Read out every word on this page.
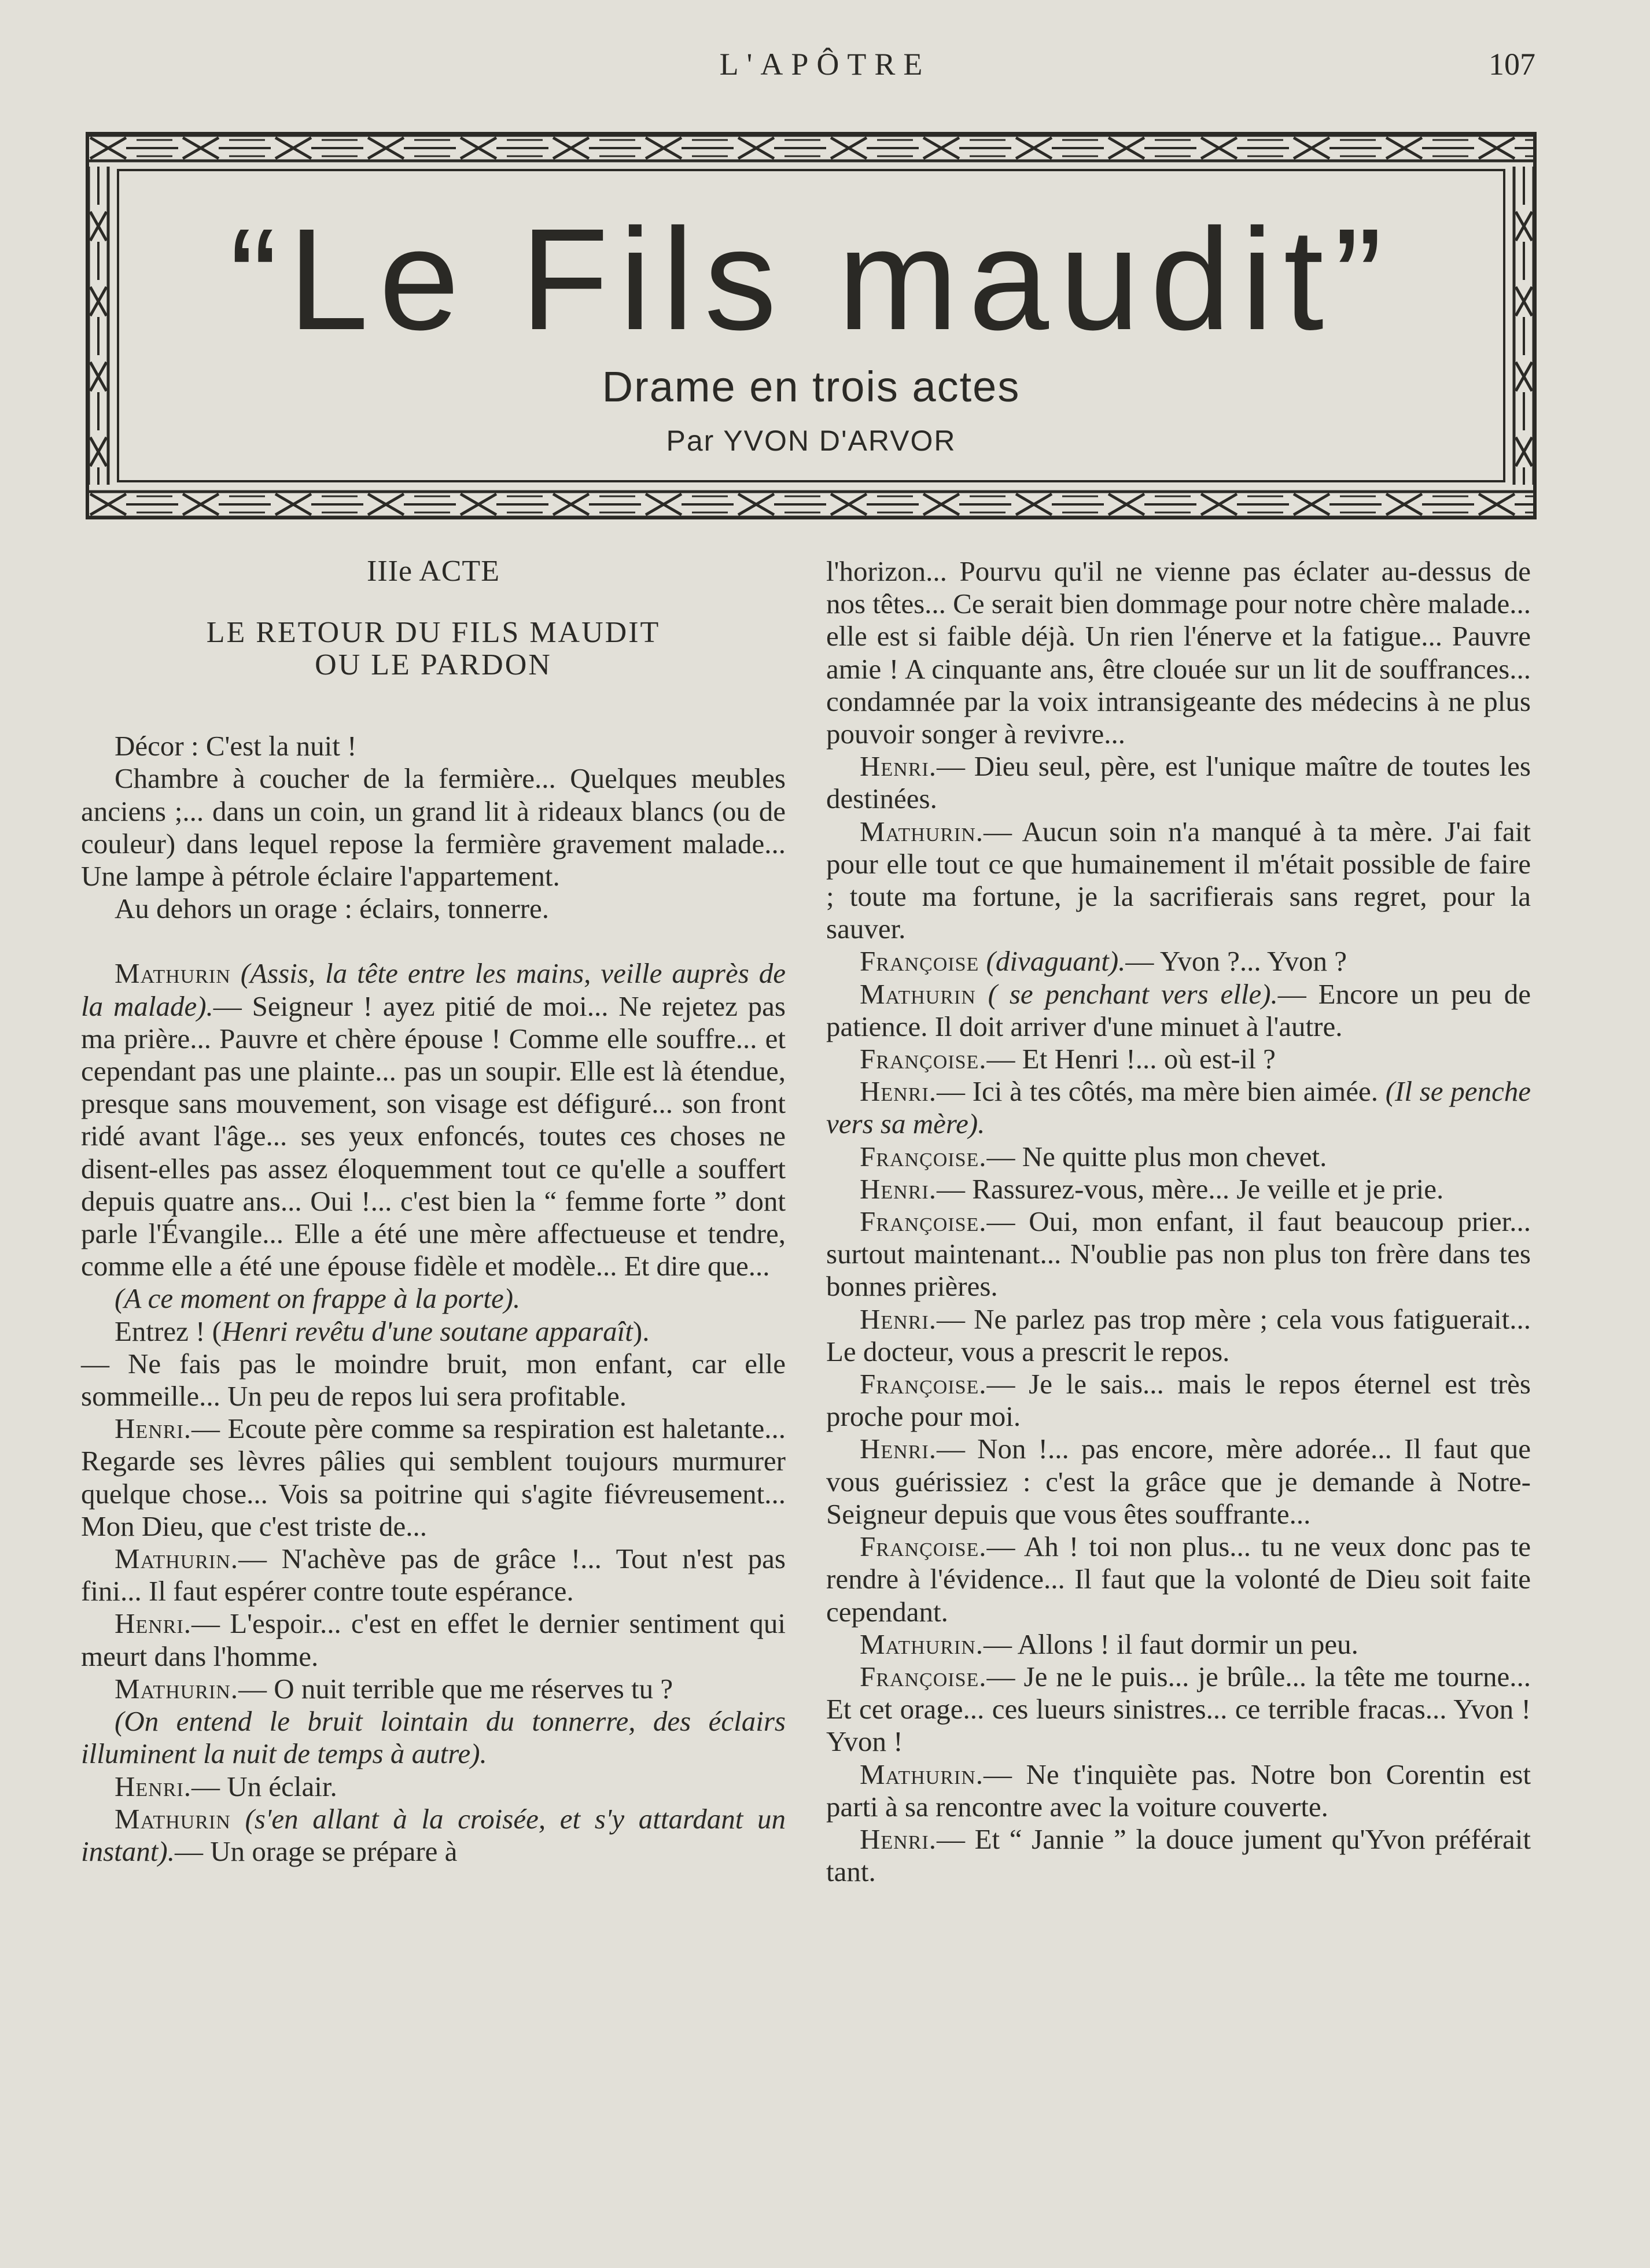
L'APÔTRE	107
“Le Fils maudit”
Drame en trois actes
Par YVON D'ARVOR
IIIe ACTE
LE RETOUR DU FILS MAUDIT
OU LE PARDON

Décor : C'est la nuit !

Chambre à coucher de la fermière... Quelques meubles anciens ;... dans un coin, un grand lit à rideaux blancs (ou de couleur) dans lequel repose la fermière gravement malade... Une lampe à pétrole éclaire l'appartement.

Au dehors un orage : éclairs, tonnerre.

Mathurin (Assis, la tête entre les mains, veille auprès de la malade).— Seigneur ! ayez pitié de moi... Ne rejetez pas ma prière... Pauvre et chère épouse ! Comme elle souffre... et cependant pas une plainte... pas un soupir. Elle est là étendue, presque sans mouvement, son visage est défiguré... son front ridé avant l'âge... ses yeux enfoncés, toutes ces choses ne disent-elles pas assez éloquemment tout ce qu'elle a souffert depuis quatre ans... Oui !... c'est bien la “ femme forte ” dont parle l'Évangile... Elle a été une mère affectueuse et tendre, comme elle a été une épouse fidèle et modèle... Et dire que...

(A ce moment on frappe à la porte).

Entrez ! (Henri revêtu d'une soutane apparaît).

— Ne fais pas le moindre bruit, mon enfant, car elle sommeille... Un peu de repos lui sera profitable.

Henri.— Ecoute père comme sa respiration est haletante... Regarde ses lèvres pâlies qui semblent toujours murmurer quelque chose... Vois sa poitrine qui s'agite fiévreusement... Mon Dieu, que c'est triste de...

Mathurin.— N'achève pas de grâce !... Tout n'est pas fini... Il faut espérer contre toute espérance.

Henri.— L'espoir... c'est en effet le dernier sentiment qui meurt dans l'homme.

Mathurin.— O nuit terrible que me réserves tu ?

(On entend le bruit lointain du tonnerre, des éclairs illuminent la nuit de temps à autre).

Henri.— Un éclair.

Mathurin (s'en allant à la croisée, et s'y attardant un instant).— Un orage se prépare à

l'horizon... Pourvu qu'il ne vienne pas éclater au-dessus de nos têtes... Ce serait bien dommage pour notre chère malade... elle est si faible déjà. Un rien l'énerve et la fatigue... Pauvre amie ! A cinquante ans, être clouée sur un lit de souffrances... condamnée par la voix intransigeante des médecins à ne plus pouvoir songer à revivre...

Henri.— Dieu seul, père, est l'unique maître de toutes les destinées.

Mathurin.— Aucun soin n'a manqué à ta mère. J'ai fait pour elle tout ce que humainement il m'était possible de faire ; toute ma fortune, je la sacrifierais sans regret, pour la sauver.

Françoise (divaguant).— Yvon ?... Yvon ?

Mathurin ( se penchant vers elle).— Encore un peu de patience. Il doit arriver d'une minuet à l'autre.

Françoise.— Et Henri !... où est-il ?

Henri.— Ici à tes côtés, ma mère bien aimée. (Il se penche vers sa mère).

Françoise.— Ne quitte plus mon chevet.

Henri.— Rassurez-vous, mère... Je veille et je prie.

Françoise.— Oui, mon enfant, il faut beaucoup prier... surtout maintenant... N'oublie pas non plus ton frère dans tes bonnes prières.

Henri.— Ne parlez pas trop mère ; cela vous fatiguerait... Le docteur, vous a prescrit le repos.

Françoise.— Je le sais... mais le repos éternel est très proche pour moi.

Henri.— Non !... pas encore, mère adorée... Il faut que vous guérissiez : c'est la grâce que je demande à Notre-Seigneur depuis que vous êtes souffrante...

Françoise.— Ah ! toi non plus... tu ne veux donc pas te rendre à l'évidence... Il faut que la volonté de Dieu soit faite cependant.

Mathurin.— Allons ! il faut dormir un peu.

Françoise.— Je ne le puis... je brûle... la tête me tourne... Et cet orage... ces lueurs sinistres... ce terrible fracas... Yvon ! Yvon !

Mathurin.— Ne t'inquiète pas. Notre bon Corentin est parti à sa rencontre avec la voiture couverte.

Henri.— Et “ Jannie ” la douce jument qu'Yvon préférait tant.
